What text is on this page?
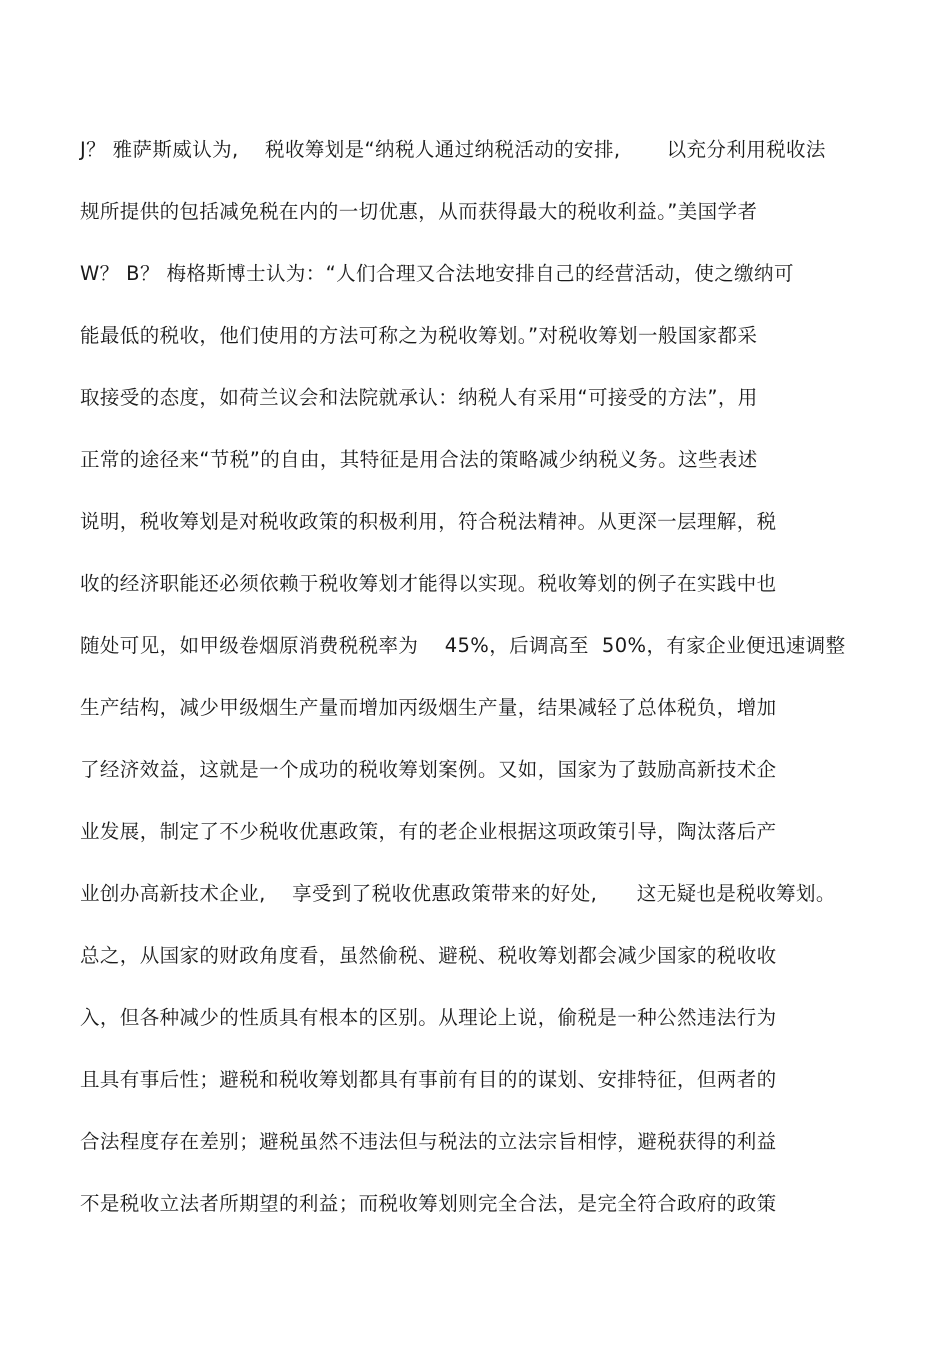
J？ 雅萨斯威认为,    税收筹划是“纳税人通过纳税活动的安排,       以充分利用税收法
规所提供的包括减免税在内的一切优惠，从而获得最大的税收利益。”美国学者
W？ B？ 梅格斯博士认为：“人们合理又合法地安排自己的经营活动，使之缴纳可
能最低的税收，他们使用的方法可称之为税收筹划。”对税收筹划一般国家都采
取接受的态度，如荷兰议会和法院就承认：纳税人有采用“可接受的方法”，用
正常的途径来“节税”的自由，其特征是用合法的策略减少纳税义务。这些表述
说明，税收筹划是对税收政策的积极利用，符合税法精神。从更深一层理解，税
收的经济职能还必须依赖于税收筹划才能得以实现。税收筹划的例子在实践中也
随处可见，如甲级卷烟原消费税税率为    45%，后调高至  50%，有家企业便迅速调整
生产结构，减少甲级烟生产量而增加丙级烟生产量，结果减轻了总体税负，增加
了经济效益，这就是一个成功的税收筹划案例。又如，国家为了鼓励高新技术企
业发展，制定了不少税收优惠政策，有的老企业根据这项政策引导，陶汰落后产
业创办高新技术企业,    享受到了税收优惠政策带来的好处,      这无疑也是税收筹划。
总之，从国家的财政角度看，虽然偷税、避税、税收筹划都会减少国家的税收收
入，但各种减少的性质具有根本的区别。从理论上说，偷税是一种公然违法行为
且具有事后性；避税和税收筹划都具有事前有目的的谋划、安排特征，但两者的
合法程度存在差别；避税虽然不违法但与税法的立法宗旨相悖，避税获得的利益
不是税收立法者所期望的利益；而税收筹划则完全合法，是完全符合政府的政策
